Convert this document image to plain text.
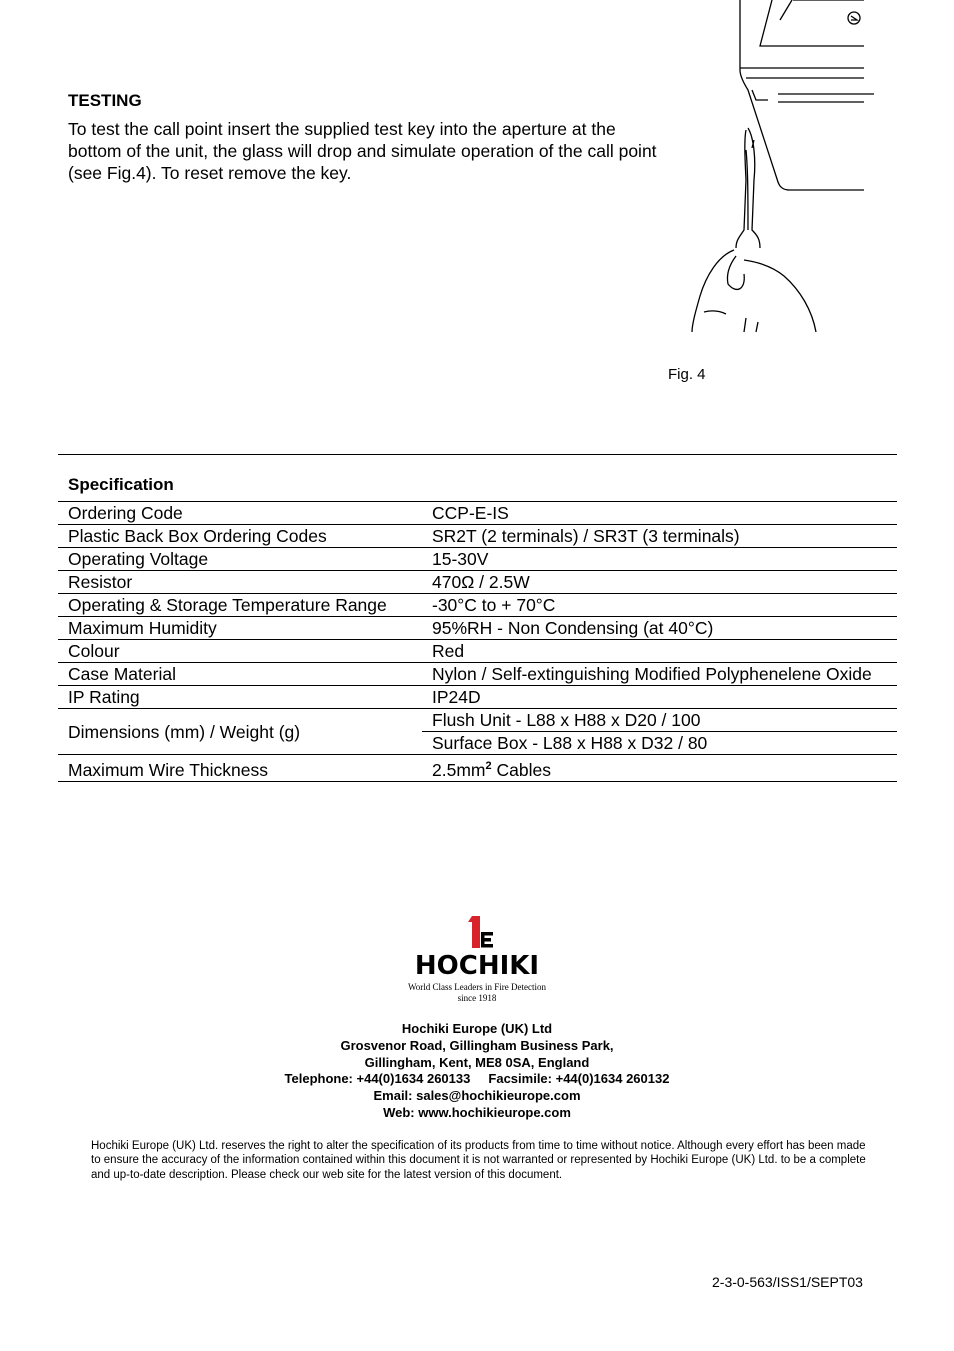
TESTING
To test the call point insert the supplied test key into the aperture at the bottom of the unit, the glass will drop and simulate operation of the call point (see Fig.4). To reset remove the key.
Fig. 4
Specification
Ordering Code	CCP-E-IS
Plastic Back Box Ordering Codes	SR2T (2 terminals) / SR3T (3 terminals)
Operating Voltage	15-30V
Resistor	470Ω / 2.5W
Operating & Storage Temperature Range	-30°C to + 70°C
Maximum Humidity	95%RH - Non Condensing (at 40°C)
Colour	Red
Case Material	Nylon / Self-extinguishing Modified Polyphenelene Oxide
IP Rating	IP24D
Dimensions (mm) / Weight (g)	Flush Unit - L88 x H88 x D20 / 100
	Surface Box - L88 x H88 x D32 / 80
Maximum Wire Thickness	$2.5mm^2$ Cables
HOCHIKI
World Class Leaders in Fire Detection
since 1918
Hochiki Europe (UK) Ltd
Grosvenor Road, Gillingham Business Park,
Gillingham, Kent, ME8 0SA, England
Telephone: +44(0)1634 260133     Facsimile: +44(0)1634 260132
Email: sales@hochikieurope.com
Web: www.hochikieurope.com
Hochiki Europe (UK) Ltd. reserves the right to alter the specification of its products from time to time without notice. Although every effort has been made to ensure the accuracy of the information contained within this document it is not warranted or represented by Hochiki Europe (UK) Ltd. to be a complete and up-to-date description. Please check our web site for the latest version of this document.
2-3-0-563/ISS1/SEPT03
